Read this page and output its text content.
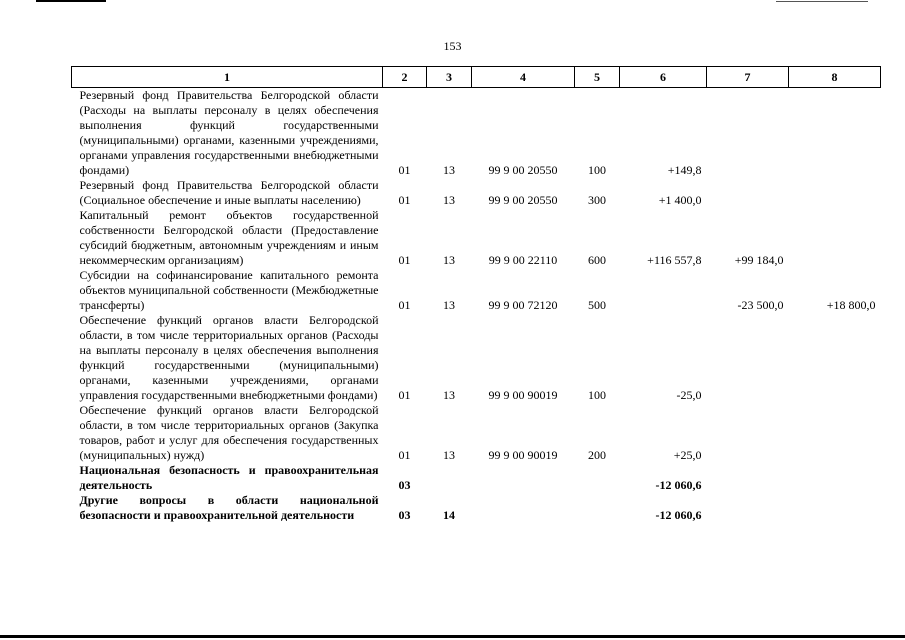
153
1	2	3	4	5	6	7	8
Резервный фонд Правительства Белгородской области (Расходы на выплаты персоналу в целях обеспечения выполнения функций государственными (муниципальными) органами, казенными учреждениями, органами управления государственными внебюджетными фондами)	01	13	99 9 00 20550	100	+149,8		
Резервный фонд Правительства Белгородской области (Социальное обеспечение и иные выплаты населению)	01	13	99 9 00 20550	300	+1 400,0		
Капитальный ремонт объектов государственной собственности Белгородской области (Предоставление субсидий бюджетным, автономным учреждениям и иным некоммерческим организациям)	01	13	99 9 00 22110	600	+116 557,8	+99 184,0	
Субсидии на софинансирование капитального ремонта объектов муниципальной собственности (Межбюджетные трансферты)	01	13	99 9 00 72120	500		-23 500,0	+18 800,0
Обеспечение функций органов власти Белгородской области, в том числе территориальных органов (Расходы на выплаты персоналу в целях обеспечения выполнения функций государственными (муниципальными) органами, казенными учреждениями, органами управления государственными внебюджетными фондами)	01	13	99 9 00 90019	100	-25,0		
Обеспечение функций органов власти Белгородской области, в том числе территориальных органов (Закупка товаров, работ и услуг для обеспечения государственных (муниципальных) нужд)	01	13	99 9 00 90019	200	+25,0		
Национальная безопасность и правоохранительная деятельность	03				-12 060,6		
Другие вопросы в области национальной безопасности и правоохранительной деятельности	03	14			-12 060,6		
